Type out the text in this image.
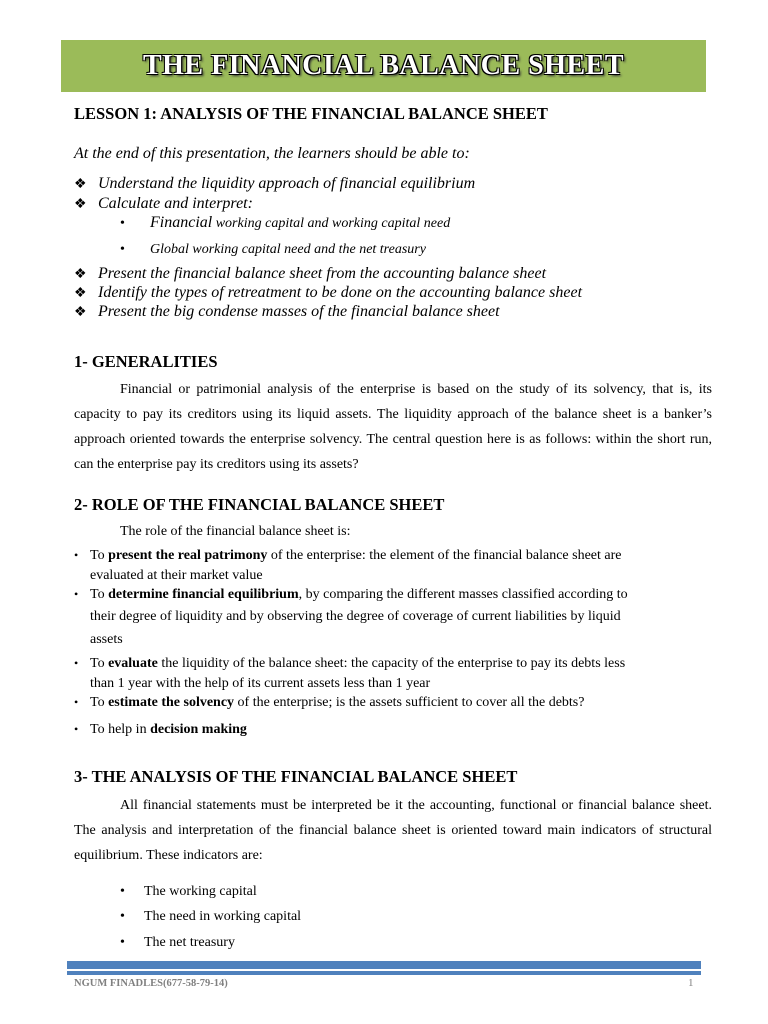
THE FINANCIAL BALANCE SHEET
LESSON 1: ANALYSIS OF THE FINANCIAL BALANCE SHEET
At the end of this presentation, the learners should be able to:
❖ Understand the liquidity approach of financial equilibrium
❖ Calculate and interpret:
• Financial working capital and working capital need
• Global working capital need and the net treasury
❖ Present the financial balance sheet from the accounting balance sheet
❖ Identify the types of retreatment to be done on the accounting balance sheet
❖ Present the big condense masses of the financial balance sheet
1- GENERALITIES
Financial or patrimonial analysis of the enterprise is based on the study of its solvency, that is, its capacity to pay its creditors using its liquid assets. The liquidity approach of the balance sheet is a banker’s approach oriented towards the enterprise solvency. The central question here is as follows: within the short run, can the enterprise pay its creditors using its assets?
2- ROLE OF THE FINANCIAL BALANCE SHEET
The role of the financial balance sheet is:
• To present the real patrimony of the enterprise: the element of the financial balance sheet are
evaluated at their market value
• To determine financial equilibrium, by comparing the different masses classified according to
their degree of liquidity and by observing the degree of coverage of current liabilities by liquid
assets
• To evaluate the liquidity of the balance sheet: the capacity of the enterprise to pay its debts less
than 1 year with the help of its current assets less than 1 year
• To estimate the solvency of the enterprise; is the assets sufficient to cover all the debts?
• To help in decision making
3- THE ANALYSIS OF THE FINANCIAL BALANCE SHEET
All financial statements must be interpreted be it the accounting, functional or financial balance sheet. The analysis and interpretation of the financial balance sheet is oriented toward main indicators of structural equilibrium. These indicators are:
• The working capital
• The need in working capital
• The net treasury
NGUM FINADLES(677-58-79-14)	1
